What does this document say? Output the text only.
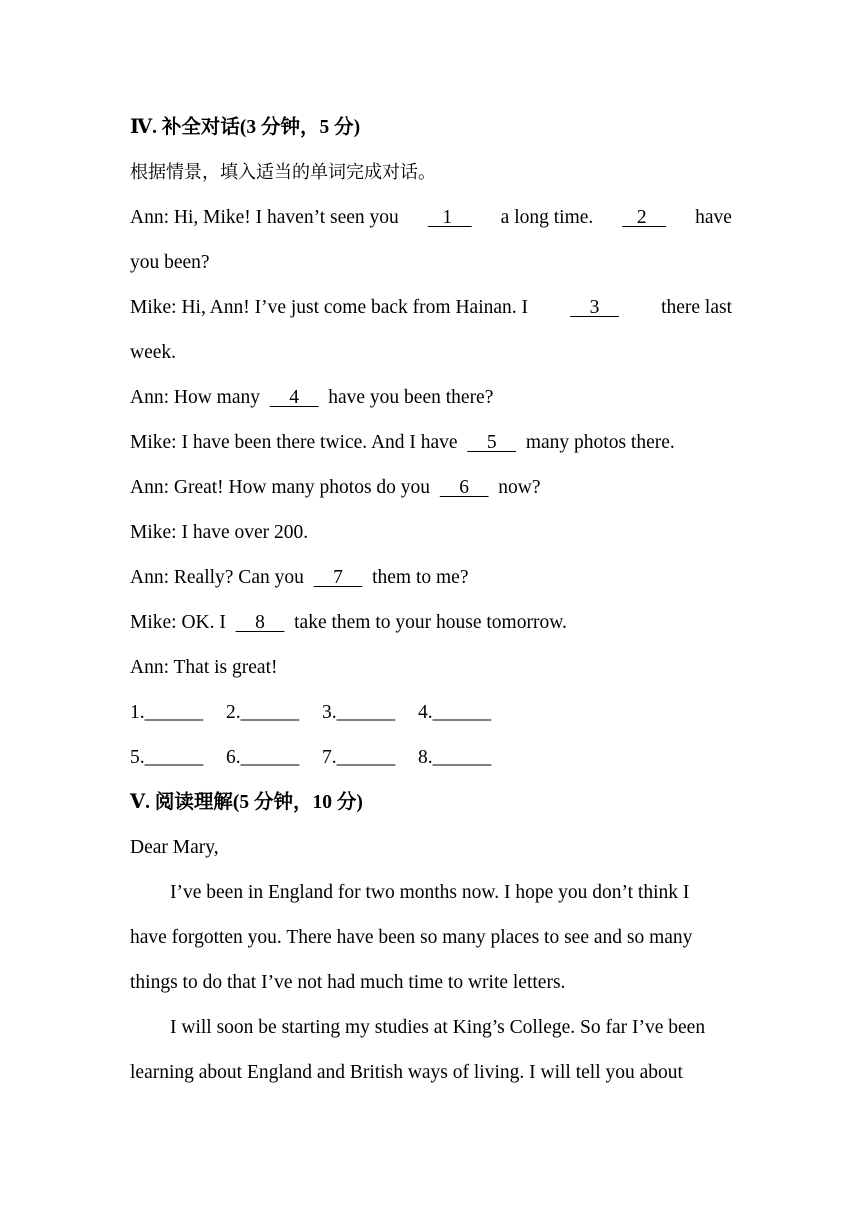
Ⅳ. 补全对话(3 分钟，5 分)
根据情景，填入适当的单词完成对话。
Ann: Hi, Mike! I haven’t seen you 1 a long time. 2 have
you been?
Mike: Hi, Ann! I’ve just come back from Hainan. I 3 there last
week.
Ann: How many      4      have you been there?
Mike: I have been there twice. And I have      5      many photos there.
Ann: Great! How many photos do you      6      now?
Mike: I have over 200.
Ann: Really? Can you      7      them to me?
Mike: OK. I      8      take them to your house tomorrow.
Ann: That is great!
1.______ 2.______ 3.______ 4.______
5.______ 6.______ 7.______ 8.______
Ⅴ. 阅读理解(5 分钟，10 分)
Dear Mary,
I’ve been in England for two months now. I hope you don’t think I
have forgotten you. There have been so many places to see and so many
things to do that I’ve not had much time to write letters.
I will soon be starting my studies at King’s College. So far I’ve been
learning about England and British ways of living. I will tell you about
